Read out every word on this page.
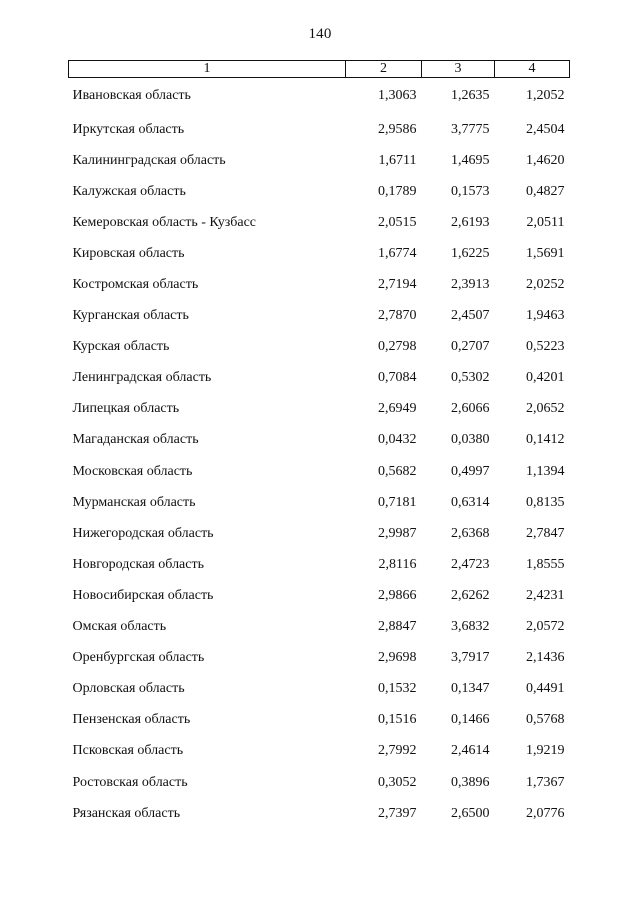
140
1	2	3	4
Ивановская область	1,3063	1,2635	1,2052
Иркутская область	2,9586	3,7775	2,4504
Калининградская область	1,6711	1,4695	1,4620
Калужская область	0,1789	0,1573	0,4827
Кемеровская область - Кузбасс	2,0515	2,6193	2,0511
Кировская область	1,6774	1,6225	1,5691
Костромская область	2,7194	2,3913	2,0252
Курганская область	2,7870	2,4507	1,9463
Курская область	0,2798	0,2707	0,5223
Ленинградская область	0,7084	0,5302	0,4201
Липецкая область	2,6949	2,6066	2,0652
Магаданская область	0,0432	0,0380	0,1412
Московская область	0,5682	0,4997	1,1394
Мурманская область	0,7181	0,6314	0,8135
Нижегородская область	2,9987	2,6368	2,7847
Новгородская область	2,8116	2,4723	1,8555
Новосибирская область	2,9866	2,6262	2,4231
Омская область	2,8847	3,6832	2,0572
Оренбургская область	2,9698	3,7917	2,1436
Орловская область	0,1532	0,1347	0,4491
Пензенская область	0,1516	0,1466	0,5768
Псковская область	2,7992	2,4614	1,9219
Ростовская область	0,3052	0,3896	1,7367
Рязанская область	2,7397	2,6500	2,0776
